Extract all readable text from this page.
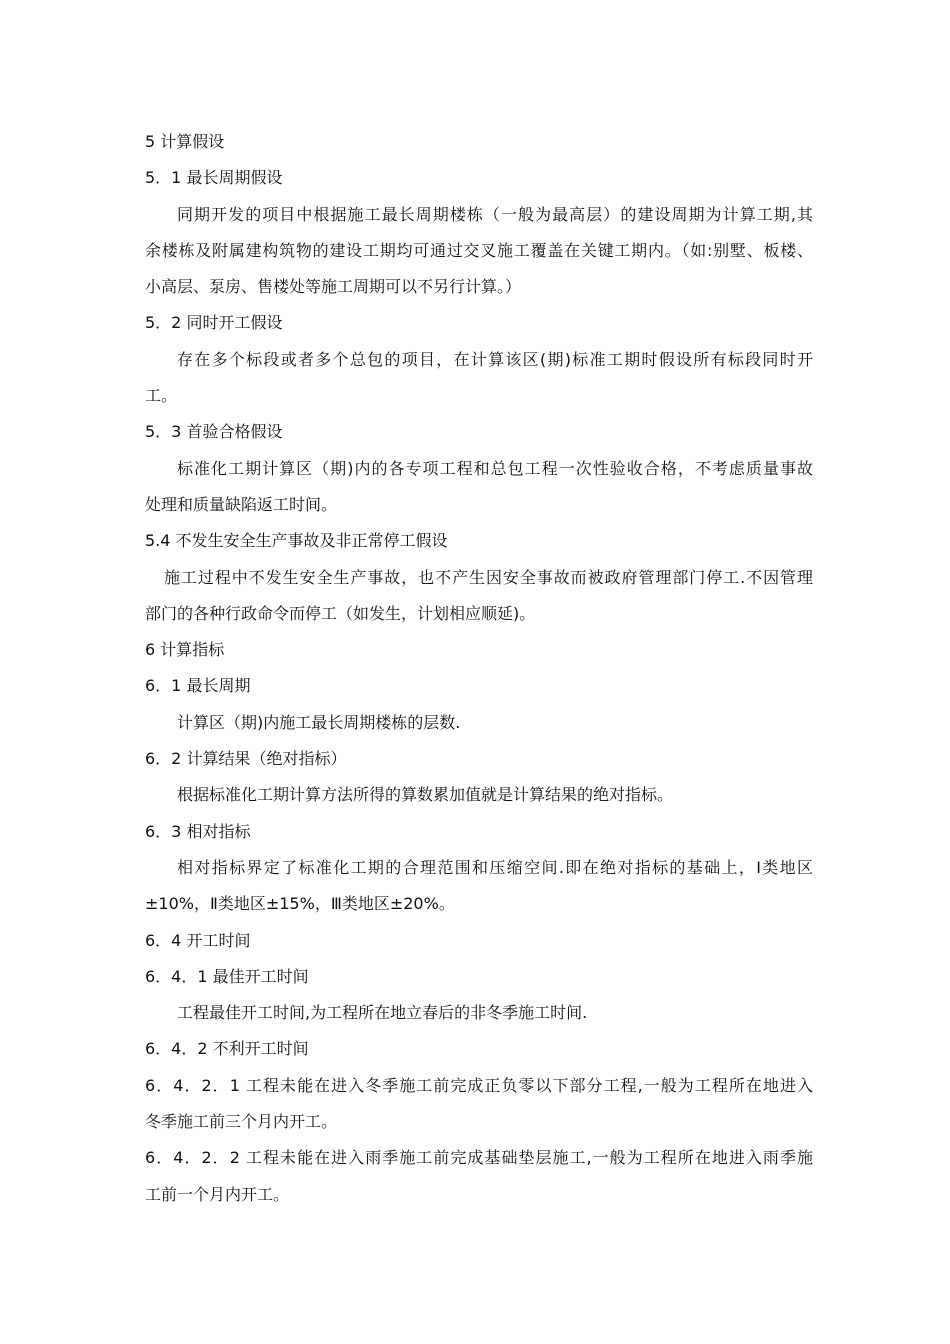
5 计算假设
5．1 最长周期假设
同期开发的项目中根据施工最长周期楼栋（一般为最高层）的建设周期为计算工期,其
余楼栋及附属建构筑物的建设工期均可通过交叉施工覆盖在关键工期内。（如:别墅、板楼、
小高层、泵房、售楼处等施工周期可以不另行计算。）
5．2 同时开工假设
存在多个标段或者多个总包的项目，在计算该区(期)标准工期时假设所有标段同时开
工。
5．3 首验合格假设
标准化工期计算区（期)内的各专项工程和总包工程一次性验收合格，不考虑质量事故
处理和质量缺陷返工时间。
5.4 不发生安全生产事故及非正常停工假设
施工过程中不发生安全生产事故，也不产生因安全事故而被政府管理部门停工.不因管理
部门的各种行政命令而停工（如发生，计划相应顺延)。
6 计算指标
6．1 最长周期
计算区（期)内施工最长周期楼栋的层数.
6．2 计算结果（绝对指标）
根据标准化工期计算方法所得的算数累加值就是计算结果的绝对指标。
6．3 相对指标
相对指标界定了标准化工期的合理范围和压缩空间.即在绝对指标的基础上，Ⅰ类地区
±10%，Ⅱ类地区±15%，Ⅲ类地区±20%。
6．4 开工时间
6．4．1 最佳开工时间
工程最佳开工时间,为工程所在地立春后的非冬季施工时间.
6．4．2 不利开工时间
6．4．2．1 工程未能在进入冬季施工前完成正负零以下部分工程,一般为工程所在地进入
冬季施工前三个月内开工。
6．4．2．2 工程未能在进入雨季施工前完成基础垫层施工,一般为工程所在地进入雨季施
工前一个月内开工。
